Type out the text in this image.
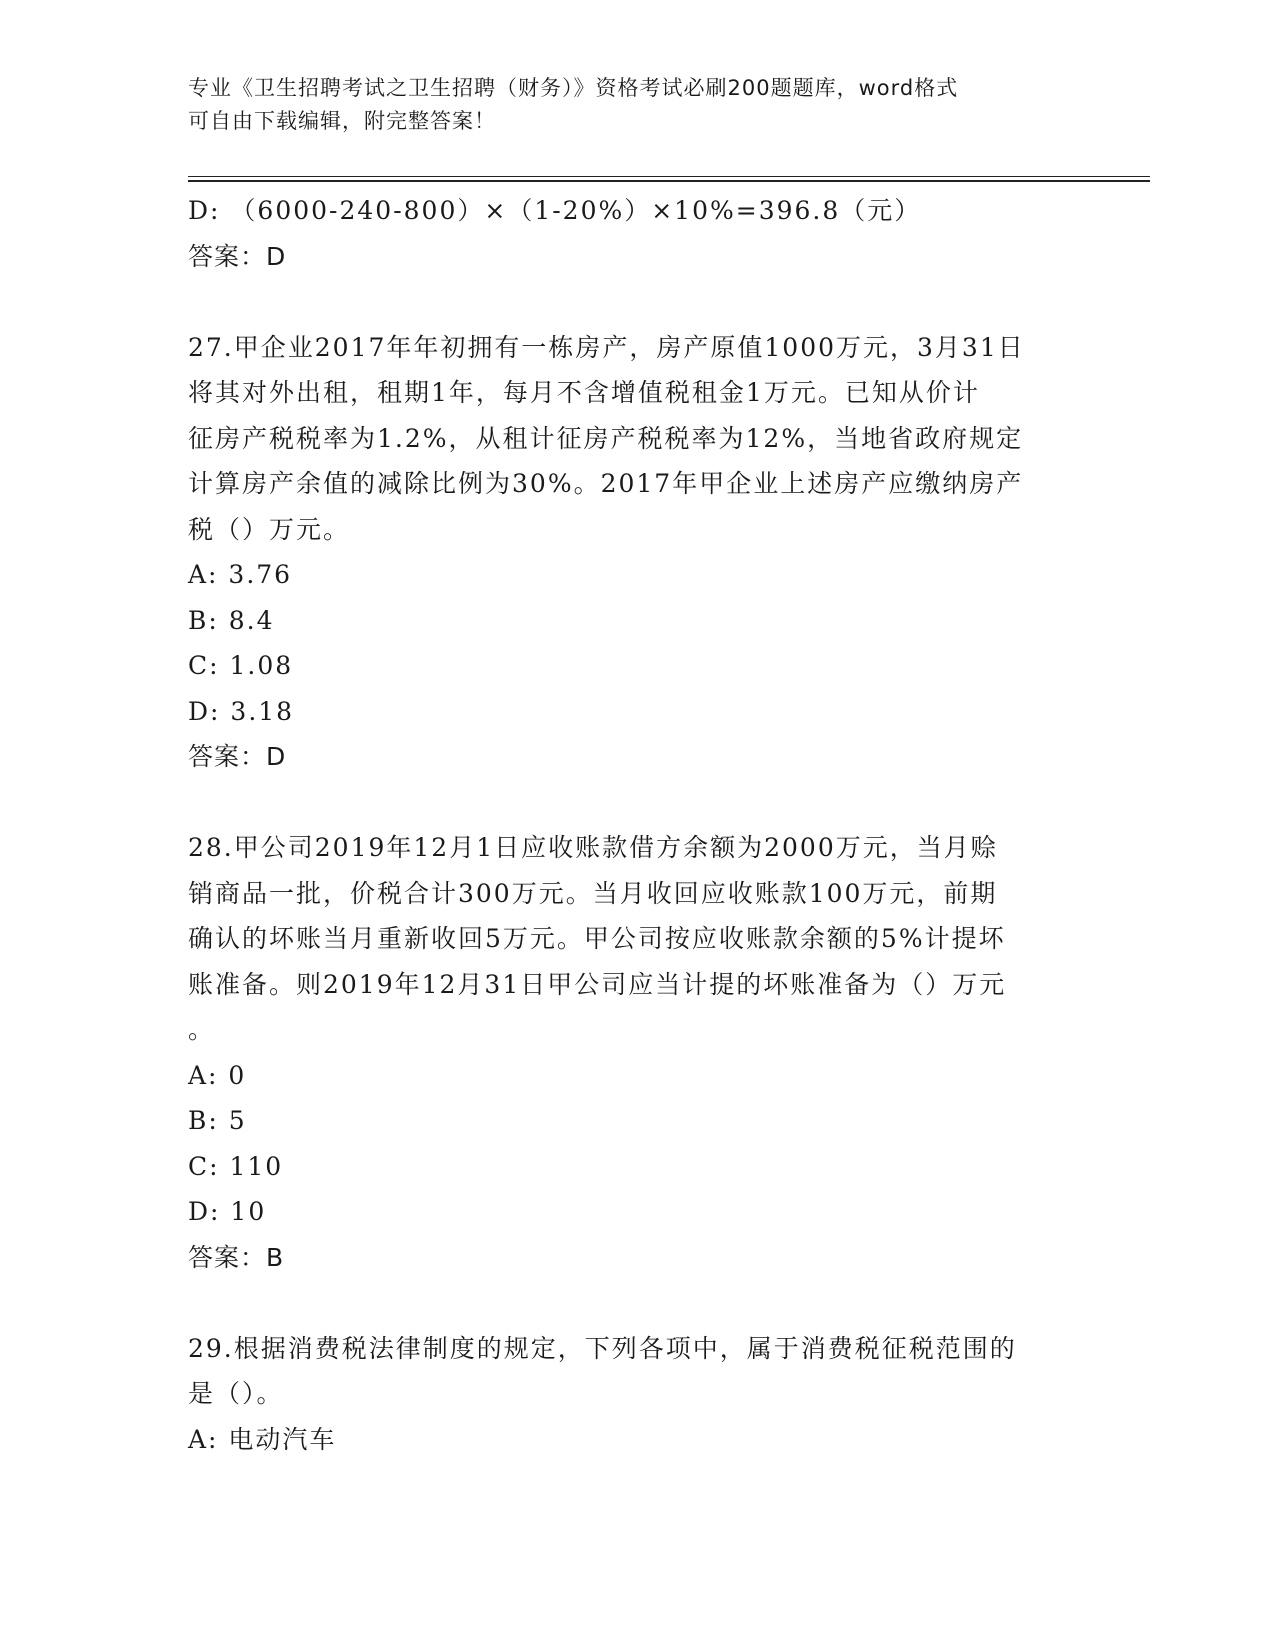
专业《卫生招聘考试之卫生招聘（财务）》资格考试必刷200题题库，word格式
可自由下载编辑，附完整答案！
D: （6000-240-800）×（1-20%）×10%=396.8（元）
答案：D
27.甲企业2017年年初拥有一栋房产，房产原值1000万元，3月31日
将其对外出租，租期1年，每月不含增值税租金1万元。已知从价计
征房产税税率为1.2%，从租计征房产税税率为12%，当地省政府规定
计算房产余值的减除比例为30%。2017年甲企业上述房产应缴纳房产
税（）万元。
A: 3.76
B: 8.4
C: 1.08
D: 3.18
答案：D
28.甲公司2019年12月1日应收账款借方余额为2000万元，当月赊
销商品一批，价税合计300万元。当月收回应收账款100万元，前期
确认的坏账当月重新收回5万元。甲公司按应收账款余额的5%计提坏
账准备。则2019年12月31日甲公司应当计提的坏账准备为（）万元
。
A: 0
B: 5
C: 110
D: 10
答案：B
29.根据消费税法律制度的规定，下列各项中，属于消费税征税范围的
是（）。
A: 电动汽车
